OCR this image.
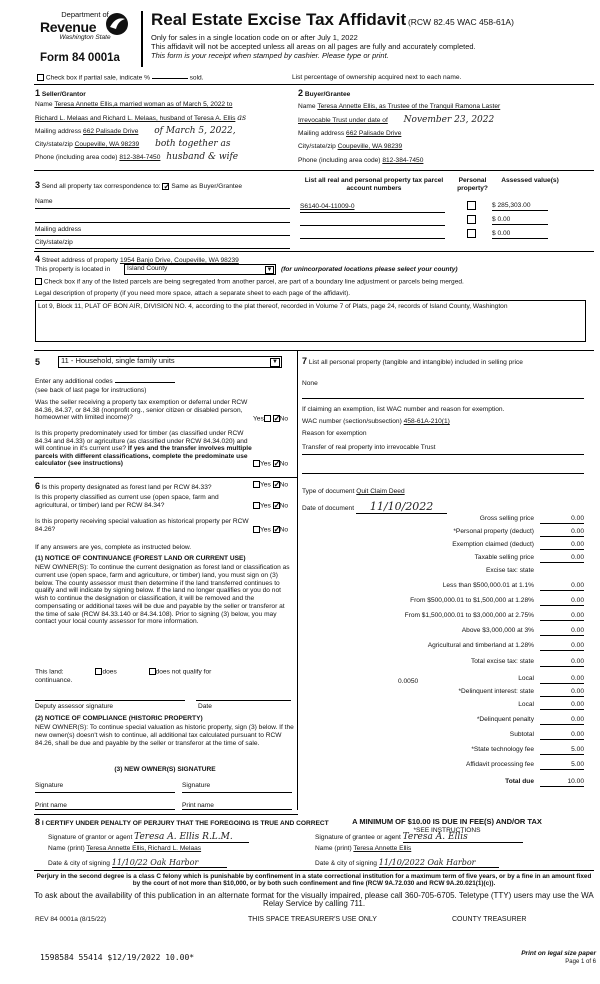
Department of
Revenue
Washington State
Form 84 0001a
Real Estate Excise Tax Affidavit (RCW 82.45 WAC 458-61A)
Only for sales in a single location code on or after July 1, 2022
This affidavit will not be accepted unless all areas on all pages are fully and accurately completed.
This form is your receipt when stamped by cashier. Please type or print.
Check box if partial sale, indicate %	sold.	List percentage of ownership acquired next to each name.
1 Seller/Grantor
Name Teresa Annette Ellis,a married woman as of March 5, 2022 to
Richard L. Melaas and Richard L. Melaas, husband of Teresa A. Ellis as
Mailing address 662 Palisade Drive of March 5, 2022,
City/state/zip Coupeville, WA 98239 both together as
Phone (including area code) 812-384-7450 husband & wife
2 Buyer/Grantee
Name Teresa Annette Ellis, as Trustee of the Tranquil Ramona Laster
Irrevocable Trust under date of November 23, 2022
Mailing address 662 Palisade Drive
City/state/zip Coupeville, WA 98239
Phone (including area code) 812-384-7450
3 Send all property tax correspondence to: ✓ Same as Buyer/Grantee
Name
Mailing address
City/state/zip
List all real and personal property tax parcel account numbers
Personal property?
Assessed value(s)
S6140-04-11009-0	$ 285,303.00
$ 0.00
$ 0.00
4 Street address of property 1954 Banjo Drive, Coupeville, WA 98239
This property is located in	Island County	▼ (for unincorporated locations please select your county)
Check box if any of the listed parcels are being segregated from another parcel, are part of a boundary line adjustment or parcels being merged.
Legal description of property (if you need more space, attach a separate sheet to each page of the affidavit).
Lot 9, Block 11, PLAT OF BON AIR, DIVISION NO. 4, according to the plat thereof, recorded in Volume 7 of Plats, page 24, records of Island County, Washington
5	11 - Household, single family units	▼
Enter any additional codes
(see back of last page for instructions)
Was the seller receiving a property tax exemption or deferral under RCW 84.36, 84.37, or 84.38 (nonprofit org., senior citizen or disabled person, homeowner with limited income)?	Yes ✓ No
Is this property predominately used for timber (as classified under RCW 84.34 and 84.33) or agriculture (as classified under RCW 84.34.020) and will continue in it's current use? If yes and the transfer involves multiple parcels with different classifications, complete the predominate use calculator (see instructions)	Yes ✓ No
6 Is this property designated as forest land per RCW 84.33?	Yes ✓ No
Is this property classified as current use (open space, farm and agricultural, or timber) land per RCW 84.34?	Yes ✓ No
Is this property receiving special valuation as historical property per RCW 84.26?	Yes ✓ No
If any answers are yes, complete as instructed below.
(1) NOTICE OF CONTINUANCE (FOREST LAND OR CURRENT USE)
NEW OWNER(S): To continue the current designation as forest land or classification as current use (open space, farm and agriculture, or timber) land, you must sign on (3) below. The county assessor must then determine if the land transferred continues to qualify and will indicate by signing below. If the land no longer qualifies or you do not wish to continue the designation or classification, it will be removed and the compensating or additional taxes will be due and payable by the seller or transferor at the time of sale (RCW 84.33.140 or 84.34.108). Prior to signing (3) below, you may contact your local county assessor for more information.
This land:	does	does not qualify for
continuance.
Deputy assessor signature	Date
(2) NOTICE OF COMPLIANCE (HISTORIC PROPERTY)
NEW OWNER(S): To continue special valuation as historic property, sign (3) below. If the new owner(s) doesn't wish to continue, all additional tax calculated pursuant to RCW 84.26, shall be due and payable by the seller or transferor at the time of sale.
(3) NEW OWNER(S) SIGNATURE
Signature	Signature
Print name	Print name
7 List all personal property (tangible and intangible) included in selling price
None
If claiming an exemption, list WAC number and reason for exemption.
WAC number (section/subsection) 458-61A-210(1)
Reason for exemption
Transfer of real property into irrevocable Trust
Type of document Quit Claim Deed
Date of document 11/10/2022
Gross selling price	0.00
*Personal property (deduct)	0.00
Exemption claimed (deduct)	0.00
Taxable selling price	0.00
Excise tax: state
Less than $500,000.01 at 1.1%	0.00
From $500,000.01 to $1,500,000 at 1.28%	0.00
From $1,500,000.01 to $3,000,000 at 2.75%	0.00
Above $3,000,000 at 3%	0.00
Agricultural and timberland at 1.28%	0.00
Total excise tax: state	0.00
Local	0.00
*Delinquent interest: state	0.00
Local	0.00
*Delinquent penalty	0.00
Subtotal	0.00
*State technology fee	5.00
Affidavit processing fee	5.00
Total due	10.00
0.0050
A MINIMUM OF $10.00 IS DUE IN FEE(S) AND/OR TAX
*SEE INSTRUCTIONS
8 I CERTIFY UNDER PENALTY OF PERJURY THAT THE FOREGOING IS TRUE AND CORRECT
Signature of grantor or agent Teresa A. Ellis R.L.M.
Name (print) Teresa Annette Ellis, Richard L. Melaas
Date & city of signing 11/10/22 Oak Harbor
Signature of grantee or agent Teresa A. Ellis
Name (print) Teresa Annette Ellis
Date & city of signing 11/10/2022 Oak Harbor
Perjury in the second degree is a class C felony which is punishable by confinement in a state correctional institution for a maximum term of five years, or by a fine in an amount fixed by the court of not more than $10,000, or by both such confinement and fine (RCW 9A.72.030 and RCW 9A.20.021(1)(c)).
To ask about the availability of this publication in an alternate format for the visually impaired, please call 360-705-6705. Teletype (TTY) users may use the WA Relay Service by calling 711.
REV 84 0001a (8/15/22)	THIS SPACE TREASURER'S USE ONLY	COUNTY TREASURER
1598584 55414 $12/19/2022 10.00*	Print on legal size paper
Page 1 of 6
